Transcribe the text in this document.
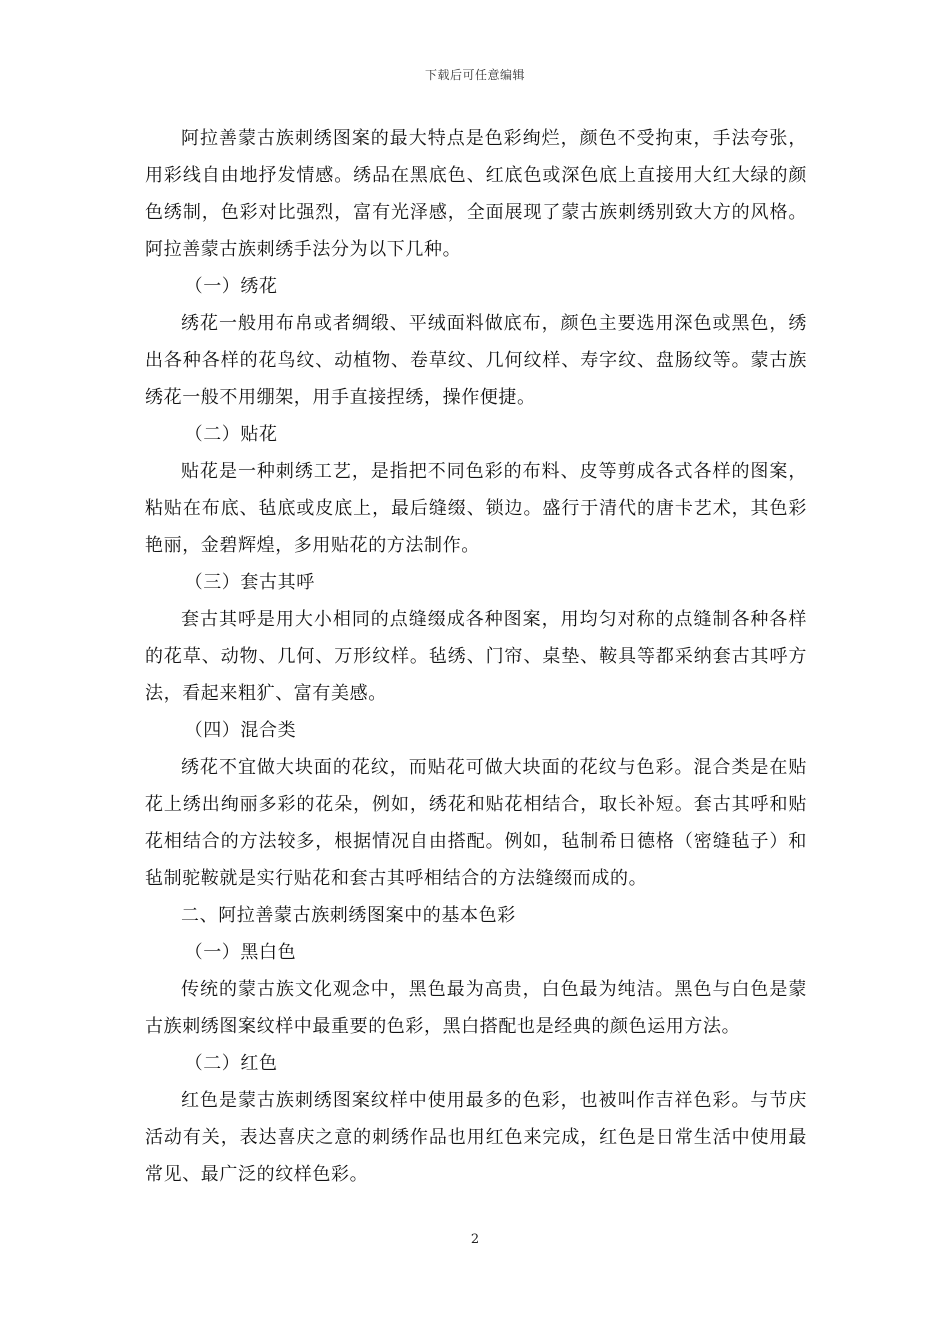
下载后可任意编辑

阿拉善蒙古族刺绣图案的最大特点是色彩绚烂，颜色不受拘束，手法夸张，用彩线自由地抒发情感。绣品在黑底色、红底色或深色底上直接用大红大绿的颜色绣制，色彩对比强烈，富有光泽感，全面展现了蒙古族刺绣别致大方的风格。阿拉善蒙古族刺绣手法分为以下几种。

（一）绣花

绣花一般用布帛或者绸缎、平绒面料做底布，颜色主要选用深色或黑色，绣出各种各样的花鸟纹、动植物、卷草纹、几何纹样、寿字纹、盘肠纹等。蒙古族绣花一般不用绷架，用手直接捏绣，操作便捷。

（二）贴花

贴花是一种刺绣工艺，是指把不同色彩的布料、皮等剪成各式各样的图案，粘贴在布底、毡底或皮底上，最后缝缀、锁边。盛行于清代的唐卡艺术，其色彩艳丽，金碧辉煌，多用贴花的方法制作。

（三）套古其呼

套古其呼是用大小相同的点缝缀成各种图案，用均匀对称的点缝制各种各样的花草、动物、几何、万形纹样。毡绣、门帘、桌垫、鞍具等都采纳套古其呼方法，看起来粗犷、富有美感。

（四）混合类

绣花不宜做大块面的花纹，而贴花可做大块面的花纹与色彩。混合类是在贴花上绣出绚丽多彩的花朵，例如，绣花和贴花相结合，取长补短。套古其呼和贴花相结合的方法较多，根据情况自由搭配。例如，毡制希日德格（密缝毡子）和毡制驼鞍就是实行贴花和套古其呼相结合的方法缝缀而成的。

二、阿拉善蒙古族刺绣图案中的基本色彩

（一）黑白色

传统的蒙古族文化观念中，黑色最为高贵，白色最为纯洁。黑色与白色是蒙古族刺绣图案纹样中最重要的色彩，黑白搭配也是经典的颜色运用方法。

（二）红色

红色是蒙古族刺绣图案纹样中使用最多的色彩，也被叫作吉祥色彩。与节庆活动有关，表达喜庆之意的刺绣作品也用红色来完成，红色是日常生活中使用最常见、最广泛的纹样色彩。

2
